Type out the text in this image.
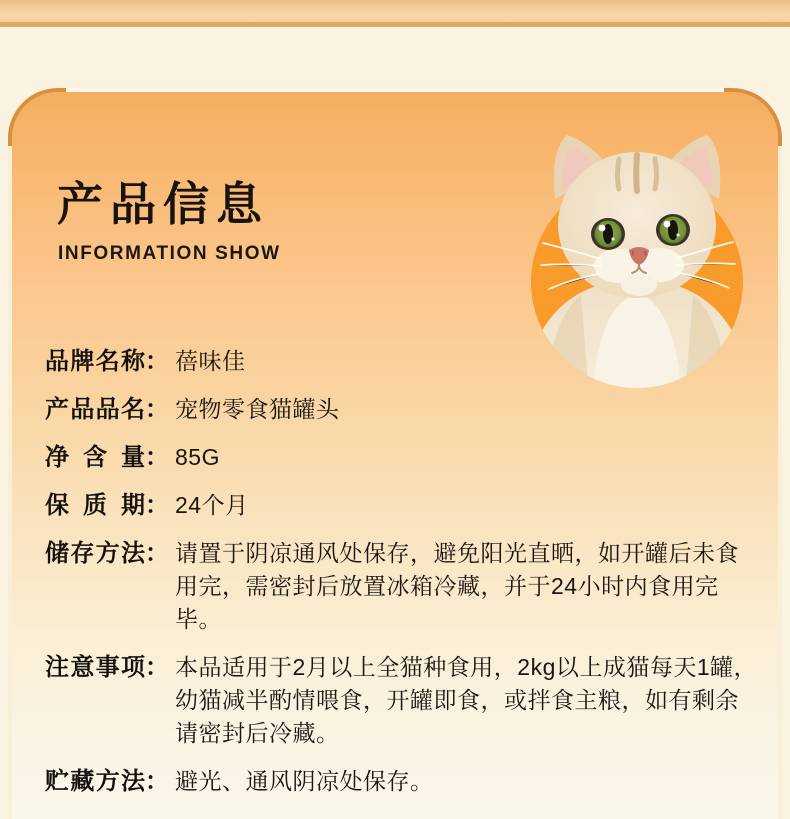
产品信息
INFORMATION SHOW
品牌名称 ： 蓓味佳
产品品名 ： 宠物零食猫罐头
净含量 ： 85G
保质期 ： 24个月
储存方法 ： 请置于阴凉通风处保存，避免阳光直晒，如开罐后未食用完，需密封后放置冰箱冷藏，并于24小时内食用完毕。
注意事项 ： 本品适用于2月以上全猫种食用，2kg以上成猫每天1罐，幼猫减半酌情喂食，开罐即食，或拌食主粮，如有剩余请密封后冷藏。
贮藏方法 ： 避光、通风阴凉处保存。
